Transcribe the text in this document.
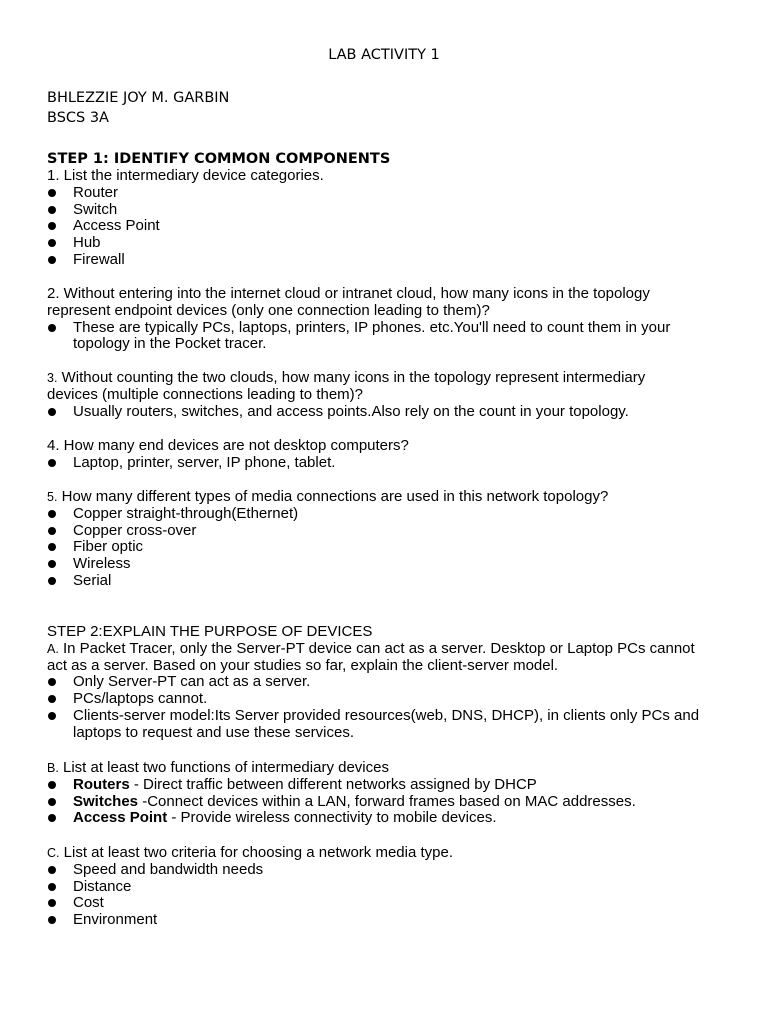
LAB ACTIVITY 1
BHLEZZIE JOY M. GARBIN
BSCS 3A
STEP 1: IDENTIFY COMMON COMPONENTS
1. List the intermediary device categories.
Router
Switch
Access Point
Hub
Firewall
2. Without entering into the internet cloud or intranet cloud, how many icons in the topology
represent endpoint devices (only one connection leading to them)?
These are typically PCs, laptops, printers, IP phones. etc.You'll need to count them in your topology in the Pocket tracer.
3. Without counting the two clouds, how many icons in the topology represent intermediary
devices (multiple connections leading to them)?
Usually routers, switches, and access points.Also rely on the count in your topology.
4. How many end devices are not desktop computers?
Laptop, printer, server, IP phone, tablet.
5. How many different types of media connections are used in this network topology?
Copper straight-through(Ethernet)
Copper cross-over
Fiber optic
Wireless
Serial
STEP 2:EXPLAIN THE PURPOSE OF DEVICES
A. In Packet Tracer, only the Server-PT device can act as a server. Desktop or Laptop PCs cannot
act as a server. Based on your studies so far, explain the client-server model.
Only Server-PT can act as a server.
PCs/laptops cannot.
Clients-server model:Its Server provided resources(web, DNS, DHCP), in clients only PCs and laptops to request and use these services.
B. List at least two functions of intermediary devices
Routers - Direct traffic between different networks assigned by DHCP
Switches -Connect devices within a LAN, forward frames based on MAC addresses.
Access Point - Provide wireless connectivity to mobile devices.
C. List at least two criteria for choosing a network media type.
Speed and bandwidth needs
Distance
Cost
Environment
